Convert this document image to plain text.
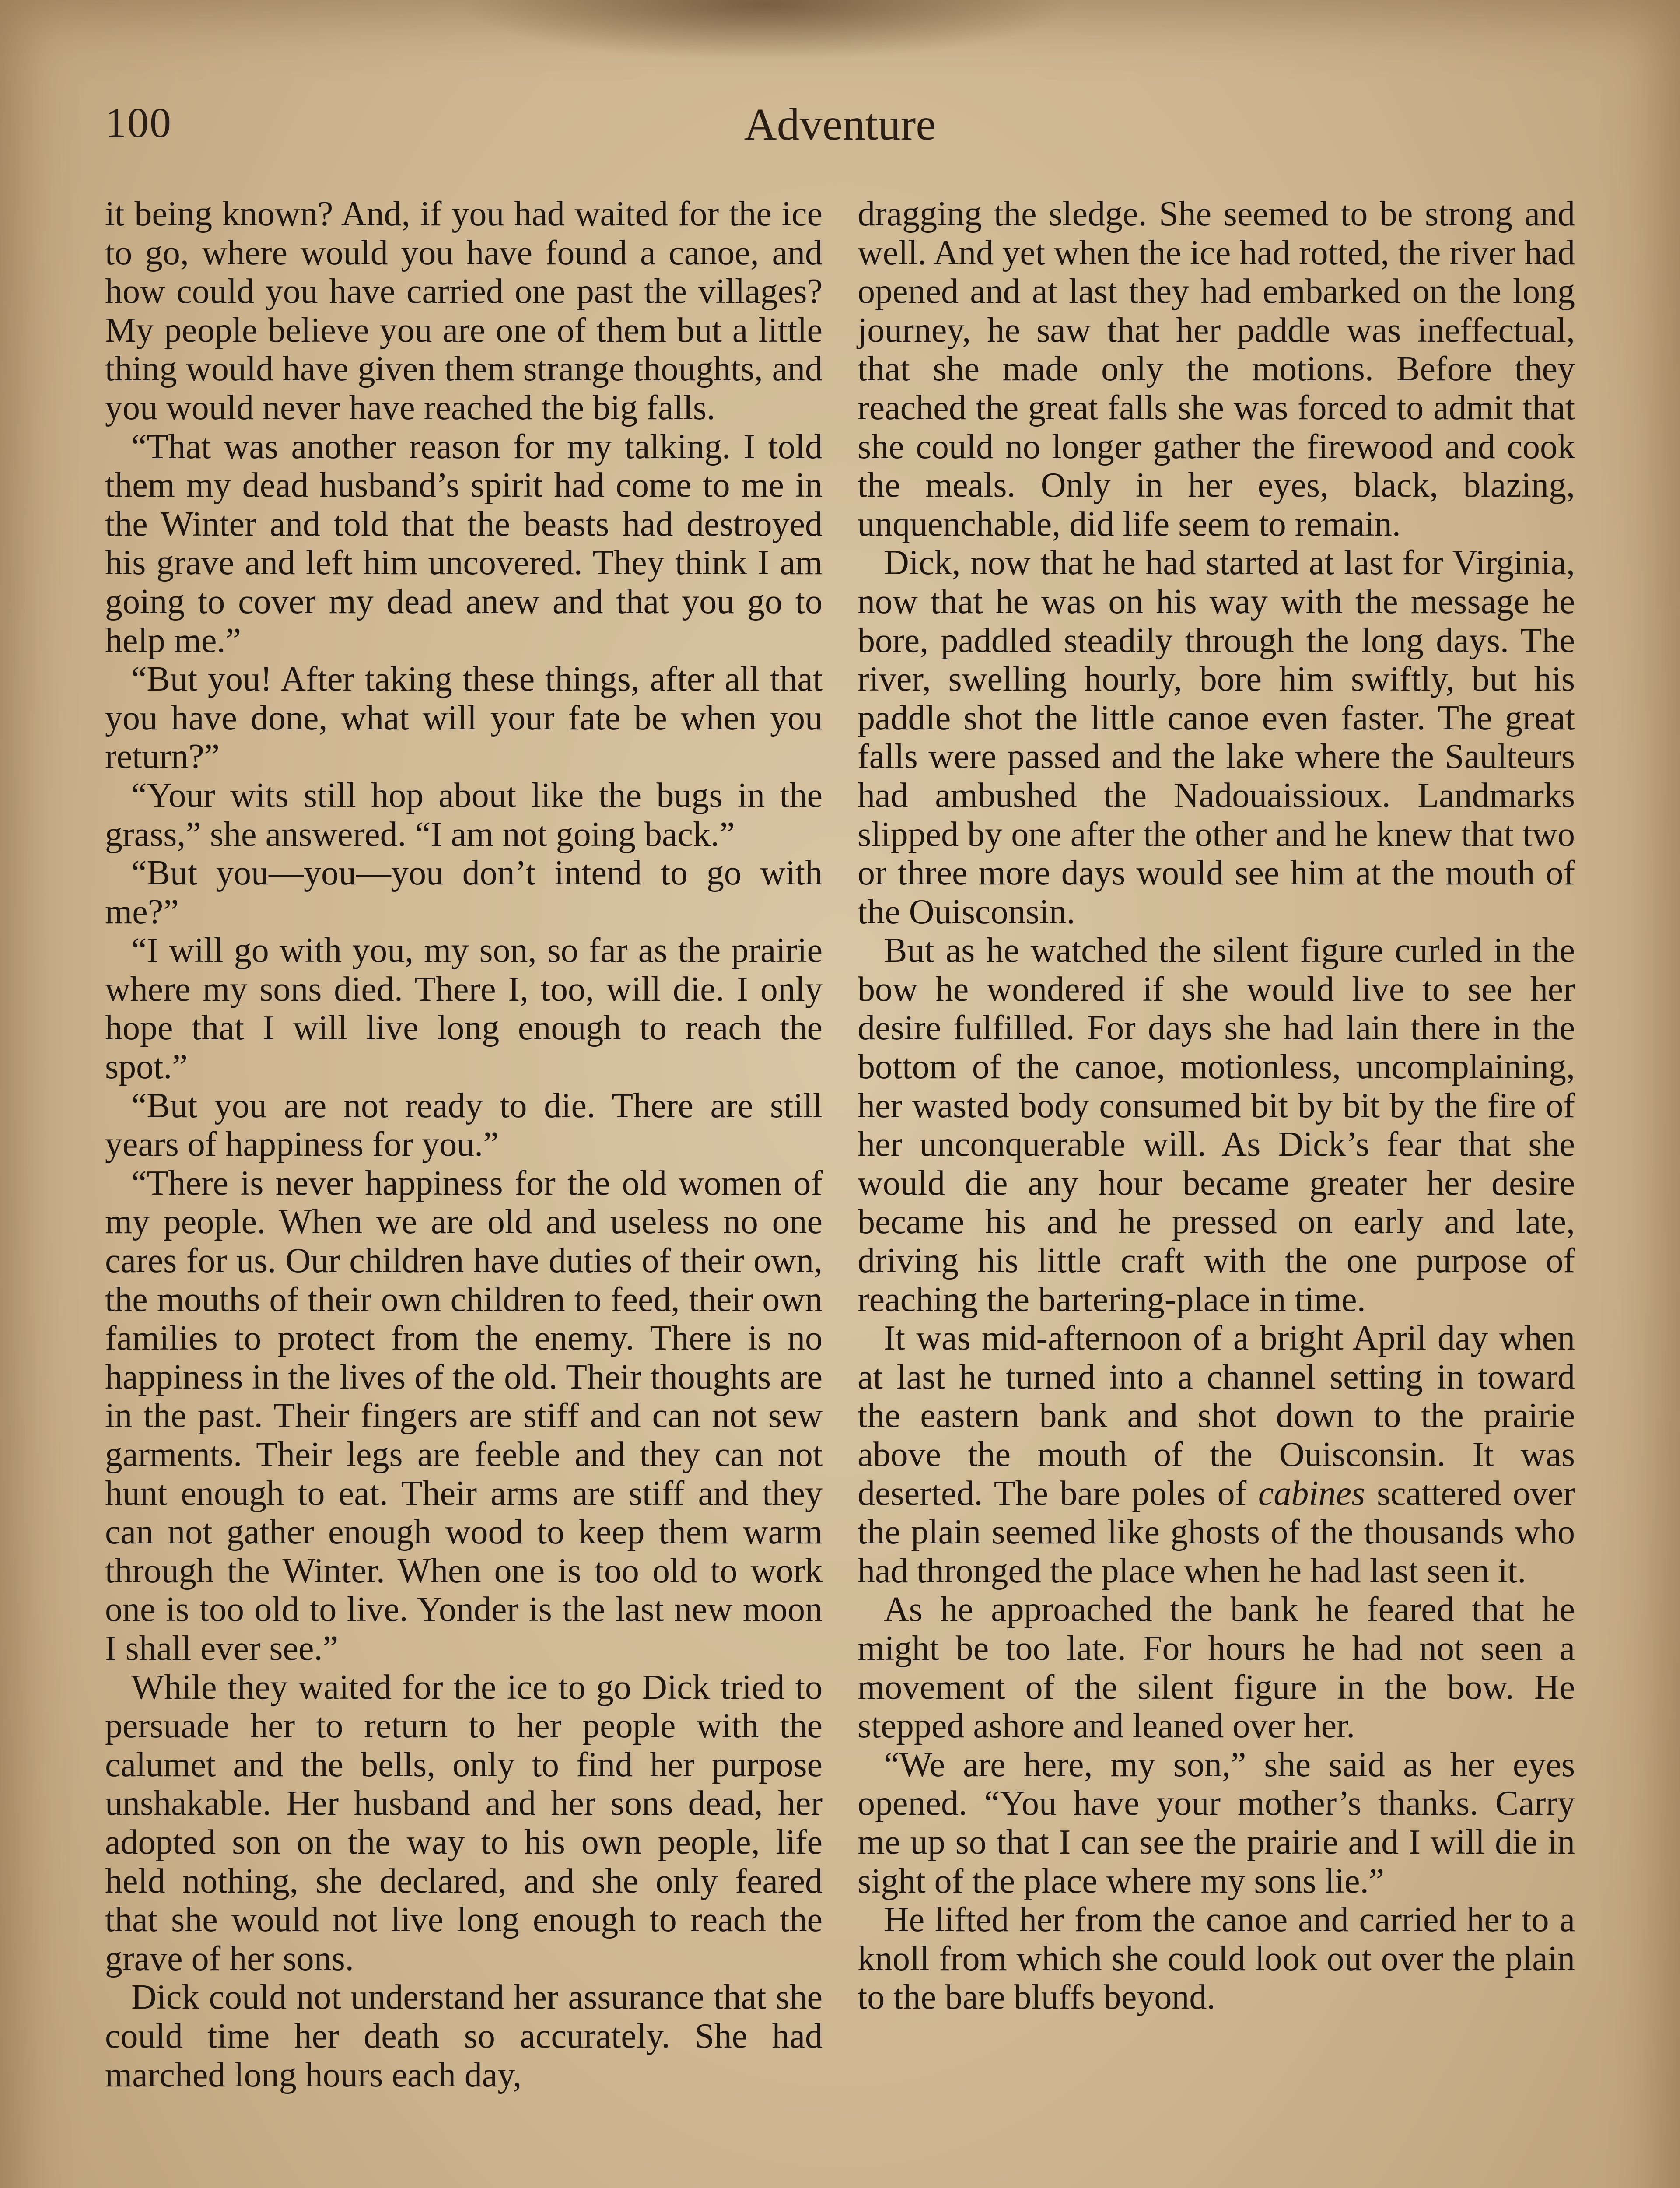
100	Adventure

it being known? And, if you had waited for the ice to go, where would you have found a canoe, and how could you have carried one past the villages? My people believe you are one of them but a little thing would have given them strange thoughts, and you would never have reached the big falls.

“That was another reason for my talking. I told them my dead husband’s spirit had come to me in the Winter and told that the beasts had destroyed his grave and left him uncovered. They think I am going to cover my dead anew and that you go to help me.”

“But you! After taking these things, after all that you have done, what will your fate be when you return?”

“Your wits still hop about like the bugs in the grass,” she answered. “I am not going back.”

“But you—you—you don’t intend to go with me?”

“I will go with you, my son, so far as the prairie where my sons died. There I, too, will die. I only hope that I will live long enough to reach the spot.”

“But you are not ready to die. There are still years of happiness for you.”

“There is never happiness for the old women of my people. When we are old and useless no one cares for us. Our children have duties of their own, the mouths of their own children to feed, their own families to protect from the enemy. There is no happiness in the lives of the old. Their thoughts are in the past. Their fingers are stiff and can not sew garments. Their legs are feeble and they can not hunt enough to eat. Their arms are stiff and they can not gather enough wood to keep them warm through the Winter. When one is too old to work one is too old to live. Yonder is the last new moon I shall ever see.”

While they waited for the ice to go Dick tried to persuade her to return to her people with the calumet and the bells, only to find her purpose unshakable. Her husband and her sons dead, her adopted son on the way to his own people, life held nothing, she declared, and she only feared that she would not live long enough to reach the grave of her sons.

Dick could not understand her assurance that she could time her death so accurately. She had marched long hours each day,

dragging the sledge. She seemed to be strong and well. And yet when the ice had rotted, the river had opened and at last they had embarked on the long journey, he saw that her paddle was ineffectual, that she made only the motions. Before they reached the great falls she was forced to admit that she could no longer gather the firewood and cook the meals. Only in her eyes, black, blazing, unquenchable, did life seem to remain.

Dick, now that he had started at last for Virginia, now that he was on his way with the message he bore, paddled steadily through the long days. The river, swelling hourly, bore him swiftly, but his paddle shot the little canoe even faster. The great falls were passed and the lake where the Saulteurs had ambushed the Nadouaissioux. Landmarks slipped by one after the other and he knew that two or three more days would see him at the mouth of the Ouisconsin.

But as he watched the silent figure curled in the bow he wondered if she would live to see her desire fulfilled. For days she had lain there in the bottom of the canoe, motionless, uncomplaining, her wasted body consumed bit by bit by the fire of her unconquerable will. As Dick’s fear that she would die any hour became greater her desire became his and he pressed on early and late, driving his little craft with the one purpose of reaching the bartering-place in time.

It was mid-afternoon of a bright April day when at last he turned into a channel setting in toward the eastern bank and shot down to the prairie above the mouth of the Ouisconsin. It was deserted. The bare poles of cabines scattered over the plain seemed like ghosts of the thousands who had thronged the place when he had last seen it.

As he approached the bank he feared that he might be too late. For hours he had not seen a movement of the silent figure in the bow. He stepped ashore and leaned over her.

“We are here, my son,” she said as her eyes opened. “You have your mother’s thanks. Carry me up so that I can see the prairie and I will die in sight of the place where my sons lie.”

He lifted her from the canoe and carried her to a knoll from which she could look out over the plain to the bare bluffs beyond.
